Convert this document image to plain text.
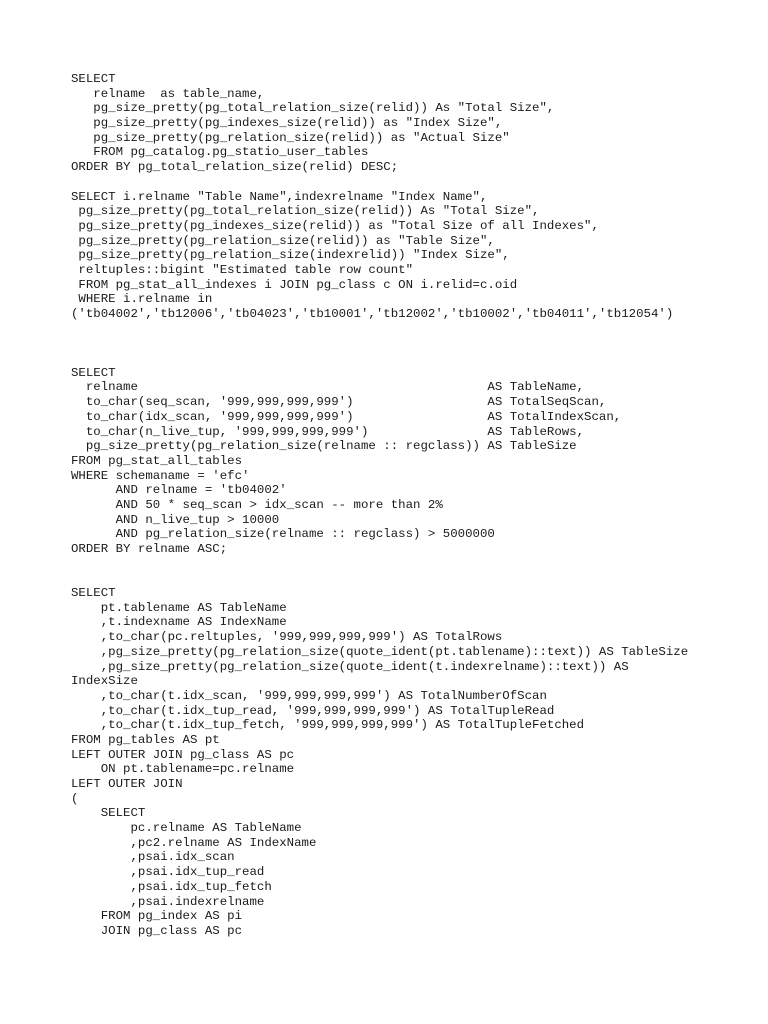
SELECT
relname  as table_name,
pg_size_pretty(pg_total_relation_size(relid)) As "Total Size",
pg_size_pretty(pg_indexes_size(relid)) as "Index Size",
pg_size_pretty(pg_relation_size(relid)) as "Actual Size"
FROM pg_catalog.pg_statio_user_tables
ORDER BY pg_total_relation_size(relid) DESC;
SELECT i.relname "Table Name",indexrelname "Index Name",
pg_size_pretty(pg_total_relation_size(relid)) As "Total Size",
pg_size_pretty(pg_indexes_size(relid)) as "Total Size of all Indexes",
pg_size_pretty(pg_relation_size(relid)) as "Table Size",
pg_size_pretty(pg_relation_size(indexrelid)) "Index Size",
reltuples::bigint "Estimated table row count"
FROM pg_stat_all_indexes i JOIN pg_class c ON i.relid=c.oid
WHERE i.relname in
('tb04002','tb12006','tb04023','tb10001','tb12002','tb10002','tb04011','tb12054')
SELECT
relname                                               AS TableName,
to_char(seq_scan, '999,999,999,999')                  AS TotalSeqScan,
to_char(idx_scan, '999,999,999,999')                  AS TotalIndexScan,
to_char(n_live_tup, '999,999,999,999')                AS TableRows,
pg_size_pretty(pg_relation_size(relname :: regclass)) AS TableSize
FROM pg_stat_all_tables
WHERE schemaname = 'efc'
AND relname = 'tb04002'
AND 50 * seq_scan > idx_scan -- more than 2%
AND n_live_tup > 10000
AND pg_relation_size(relname :: regclass) > 5000000
ORDER BY relname ASC;
SELECT
pt.tablename AS TableName
,t.indexname AS IndexName
,to_char(pc.reltuples, '999,999,999,999') AS TotalRows
,pg_size_pretty(pg_relation_size(quote_ident(pt.tablename)::text)) AS TableSize
,pg_size_pretty(pg_relation_size(quote_ident(t.indexrelname)::text)) AS
IndexSize
,to_char(t.idx_scan, '999,999,999,999') AS TotalNumberOfScan
,to_char(t.idx_tup_read, '999,999,999,999') AS TotalTupleRead
,to_char(t.idx_tup_fetch, '999,999,999,999') AS TotalTupleFetched
FROM pg_tables AS pt
LEFT OUTER JOIN pg_class AS pc
ON pt.tablename=pc.relname
LEFT OUTER JOIN
(
SELECT
pc.relname AS TableName
,pc2.relname AS IndexName
,psai.idx_scan
,psai.idx_tup_read
,psai.idx_tup_fetch
,psai.indexrelname
FROM pg_index AS pi
JOIN pg_class AS pc
